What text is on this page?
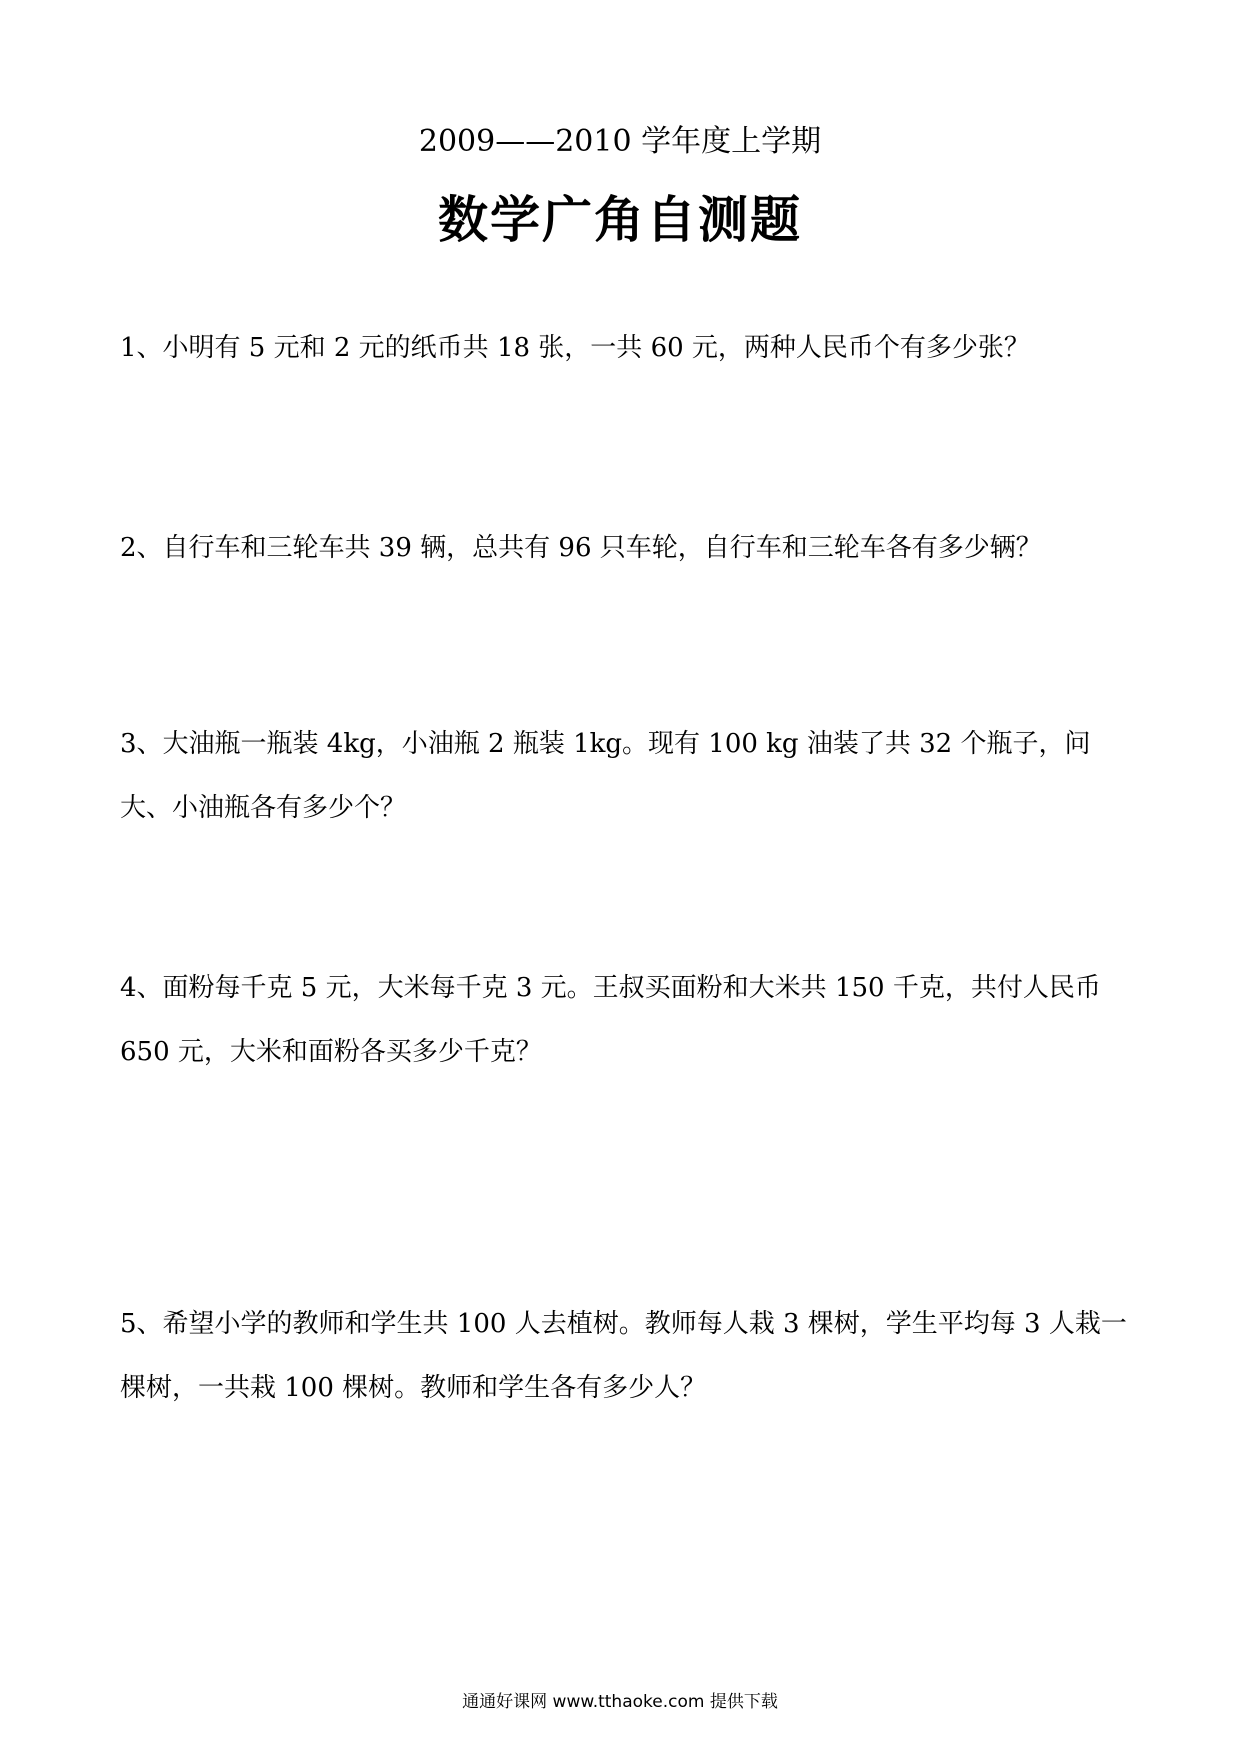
2009——2010 学年度上学期
数学广角自测题

1、小明有 5 元和 2 元的纸币共 18 张，一共 60 元，两种人民币个有多少张？

2、自行车和三轮车共 39 辆，总共有 96 只车轮，自行车和三轮车各有多少辆？

3、大油瓶一瓶装 4kg，小油瓶 2 瓶装 1kg。现有 100 kg 油装了共 32 个瓶子，问大、小油瓶各有多少个？

4、面粉每千克 5 元，大米每千克 3 元。王叔买面粉和大米共 150 千克，共付人民币 650 元，大米和面粉各买多少千克？

5、希望小学的教师和学生共 100 人去植树。教师每人栽 3 棵树，学生平均每 3 人栽一棵树，一共栽 100 棵树。教师和学生各有多少人？

通通好课网 www.tthaoke.com 提供下载
